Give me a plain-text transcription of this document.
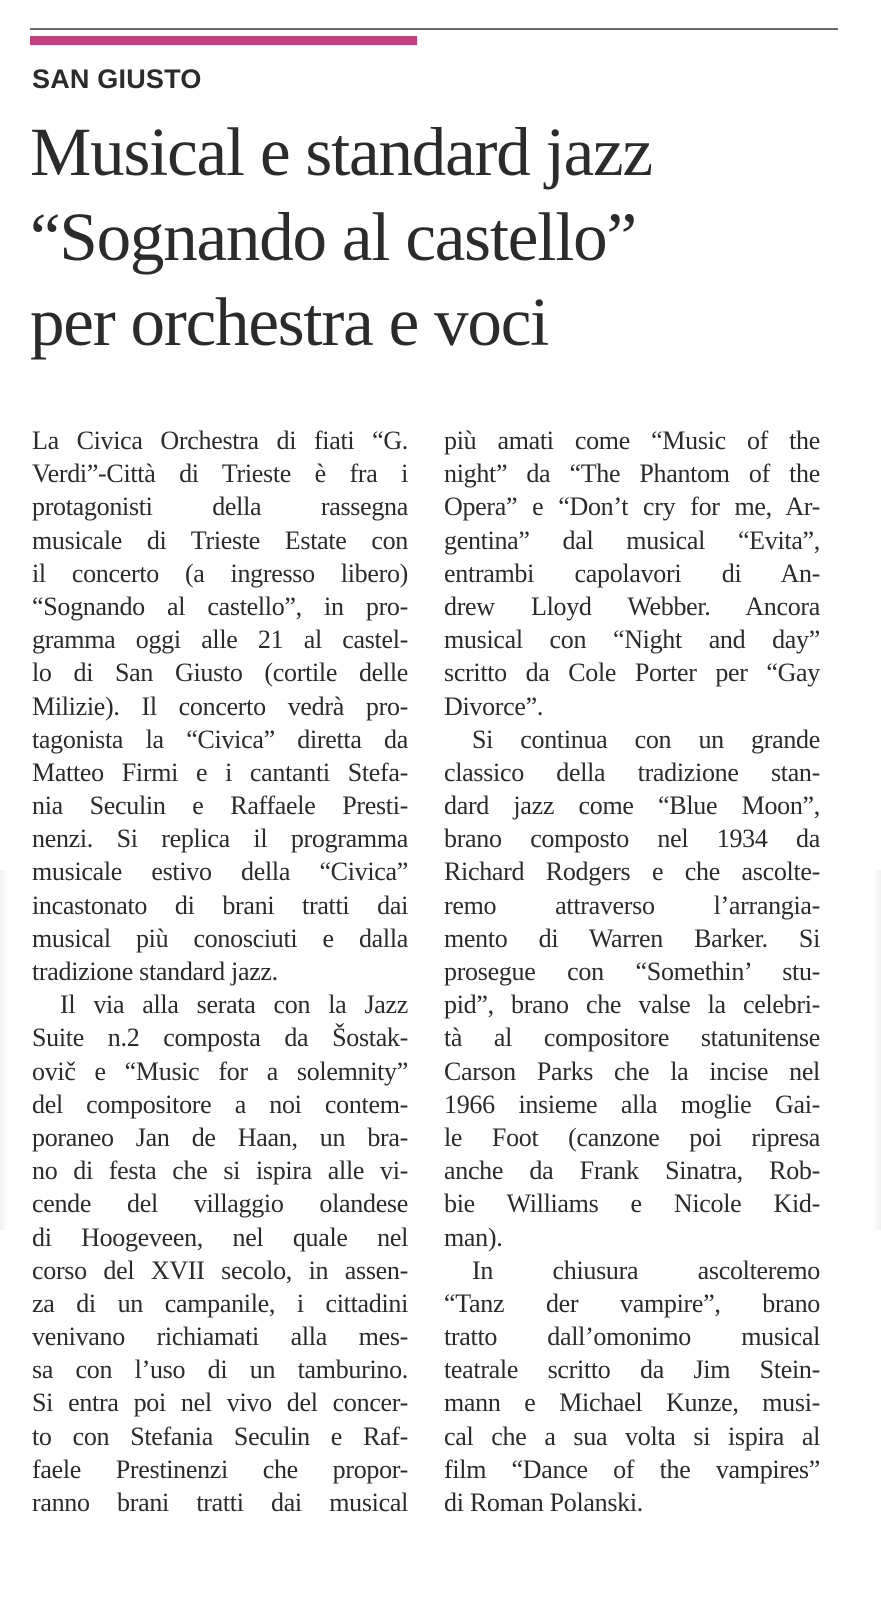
SAN GIUSTO
Musical e standard jazz
“Sognando al castello”
per orchestra e voci
La Civica Orchestra di fiati “G.
Verdi”-Città di Trieste è fra i
protagonisti della rassegna
musicale di Trieste Estate con
il concerto (a ingresso libero)
“Sognando al castello”, in pro-
gramma oggi alle 21 al castel-
lo di San Giusto (cortile delle
Milizie). Il concerto vedrà pro-
tagonista la “Civica” diretta da
Matteo Firmi e i cantanti Stefa-
nia Seculin e Raffaele Presti-
nenzi. Si replica il programma
musicale estivo della “Civica”
incastonato di brani tratti dai
musical più conosciuti e dalla
tradizione standard jazz.
Il via alla serata con la Jazz
Suite n.2 composta da Šostak-
ovič e “Music for a solemnity”
del compositore a noi contem-
poraneo Jan de Haan, un bra-
no di festa che si ispira alle vi-
cende del villaggio olandese
di Hoogeveen, nel quale nel
corso del XVII secolo, in assen-
za di un campanile, i cittadini
venivano richiamati alla mes-
sa con l’uso di un tamburino.
Si entra poi nel vivo del concer-
to con Stefania Seculin e Raf-
faele Prestinenzi che propor-
ranno brani tratti dai musical
più amati come “Music of the
night” da “The Phantom of the
Opera” e “Don’t cry for me, Ar-
gentina” dal musical “Evita”,
entrambi capolavori di An-
drew Lloyd Webber. Ancora
musical con “Night and day”
scritto da Cole Porter per “Gay
Divorce”.
Si continua con un grande
classico della tradizione stan-
dard jazz come “Blue Moon”,
brano composto nel 1934 da
Richard Rodgers e che ascolte-
remo attraverso l’arrangia-
mento di Warren Barker. Si
prosegue con “Somethin’ stu-
pid”, brano che valse la celebri-
tà al compositore statunitense
Carson Parks che la incise nel
1966 insieme alla moglie Gai-
le Foot (canzone poi ripresa
anche da Frank Sinatra, Rob-
bie Williams e Nicole Kid-
man).
In chiusura ascolteremo
“Tanz der vampire”, brano
tratto dall’omonimo musical
teatrale scritto da Jim Stein-
mann e Michael Kunze, musi-
cal che a sua volta si ispira al
film “Dance of the vampires”
di Roman Polanski.
